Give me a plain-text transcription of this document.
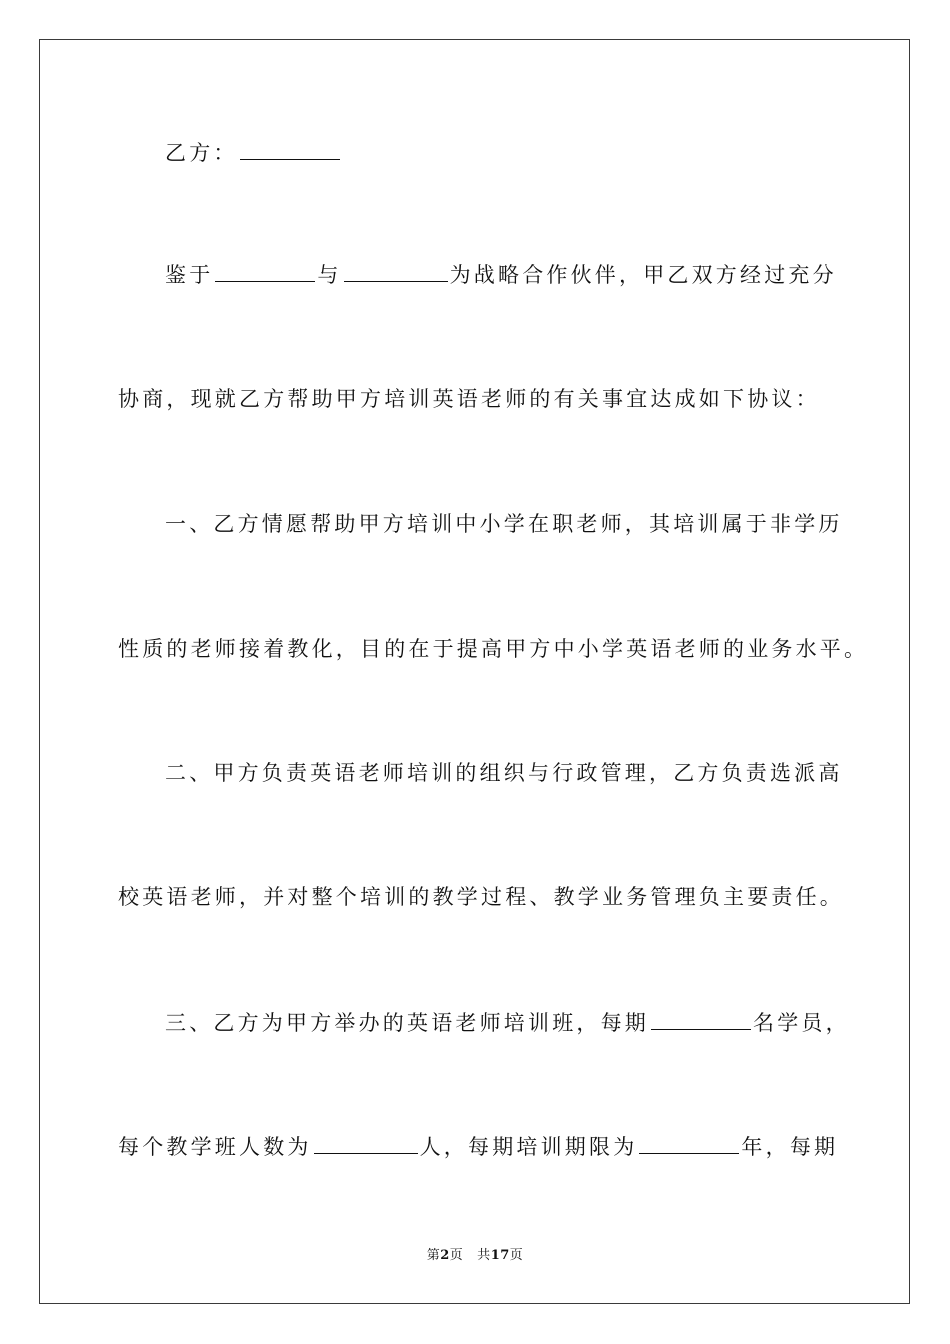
乙方：
鉴于	与	为战略合作伙伴，甲乙双方经过充分
协商，现就乙方帮助甲方培训英语老师的有关事宜达成如下协议：
一、乙方情愿帮助甲方培训中小学在职老师，其培训属于非学历
性质的老师接着教化，目的在于提高甲方中小学英语老师的业务水平。
二、甲方负责英语老师培训的组织与行政管理，乙方负责选派高
校英语老师，并对整个培训的教学过程、教学业务管理负主要责任。
三、乙方为甲方举办的英语老师培训班，每期	名学员，
每个教学班人数为	人，每期培训期限为	年，每期
第2页 共17页
